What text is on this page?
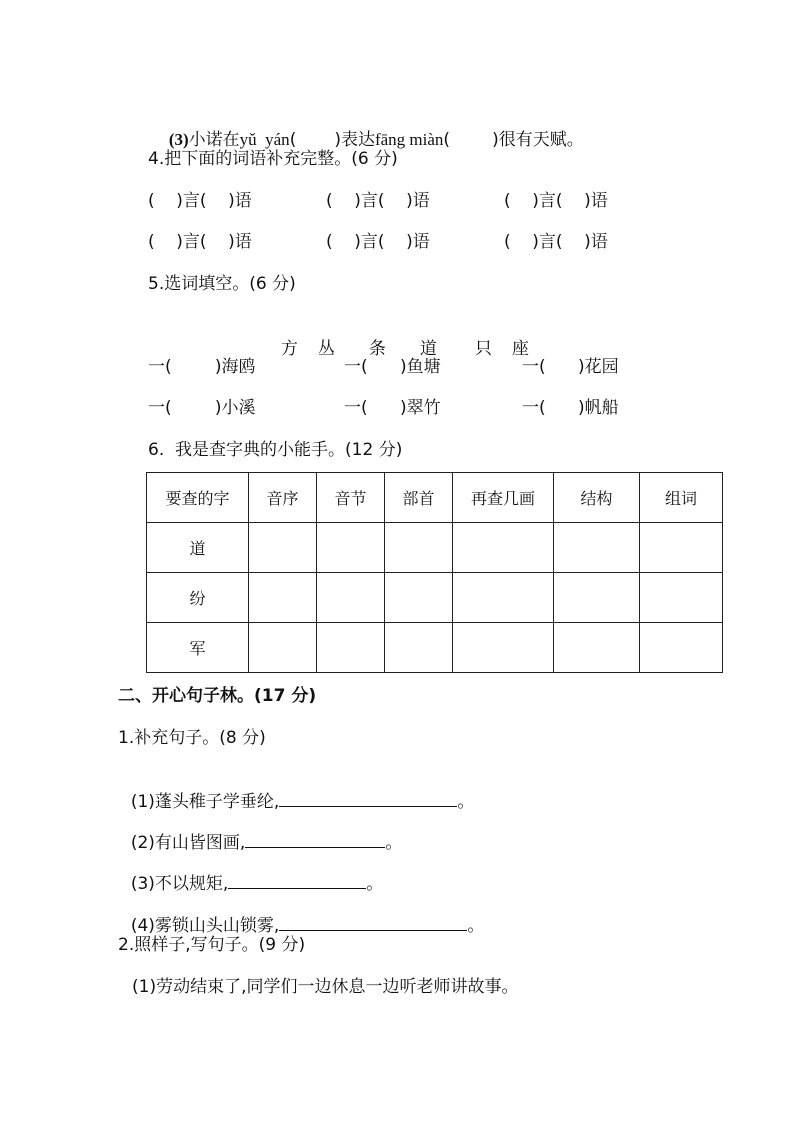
(3)小诺在yǔ  yán( )表达fāng miàn( )很有天赋。

4.把下面的词语补充完整。(6 分)
(    )言(    )语	(    )言(    )语	(    )言(    )语
(    )言(    )语	(    )言(    )语	(    )言(    )语
5.选词填空。(6 分)

方 丛 条 道 只 座

一(        )海鸥	一(      )鱼塘	一(      )花园
一(        )小溪	一(      )翠竹	一(      )帆船
6.  我是查字典的小能手。(12 分)
要查的字	音序	音节	部首	再查几画	结构	组词
道						
纷						
军						
二、开心句子林。(17 分)
1.补充句子。(8 分)

(1)蓬头稚子学垂纶,	。

(2)有山皆图画,	。

(3)不以规矩,	。

(4)雾锁山头山锁雾,	。

2.照样子,写句子。(9 分)
(1)劳动结束了,同学们一边休息一边听老师讲故事。
